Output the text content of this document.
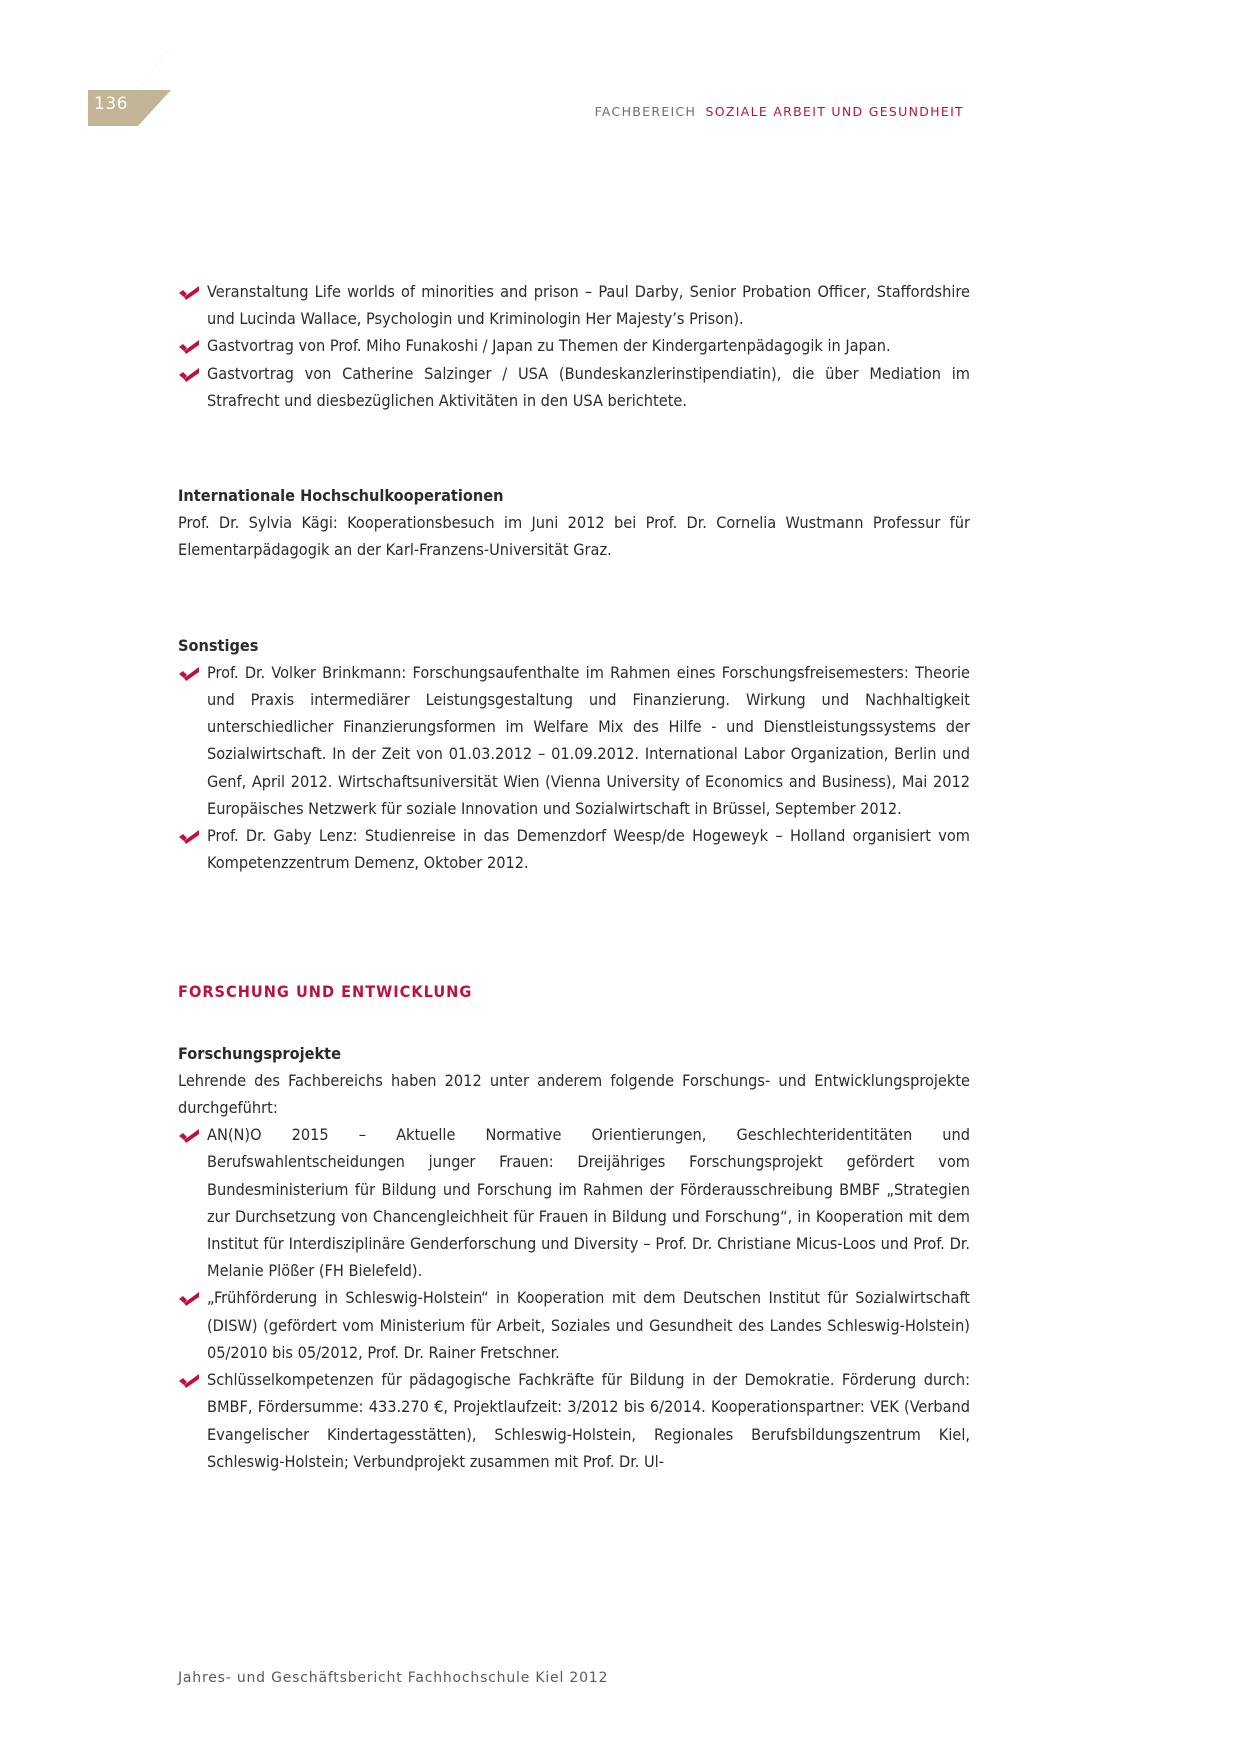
136	FACHBEREICH SOZIALE ARBEIT UND GESUNDHEIT
Veranstaltung Life worlds of minorities and prison – Paul Darby, Senior Probation Officer, Staffordshire und Lucinda Wallace, Psychologin und Kriminologin Her Majesty’s Prison).
Gastvortrag von Prof. Miho Funakoshi / Japan zu Themen der Kindergartenpädagogik in Japan.
Gastvortrag von Catherine Salzinger / USA (Bundeskanzlerinstipendiatin), die über Mediation im Strafrecht und diesbezüglichen Aktivitäten in den USA berichtete.

Internationale Hochschulkooperationen

Prof. Dr. Sylvia Kägi: Kooperationsbesuch im Juni 2012 bei Prof. Dr. Cornelia Wustmann Professur für Elementarpädagogik an der Karl-Franzens-Universität Graz.

Sonstiges

Prof. Dr. Volker Brinkmann: Forschungsaufenthalte im Rahmen eines Forschungsfreisemesters: Theorie und Praxis intermediärer Leistungsgestaltung und Finanzierung. Wirkung und Nachhaltigkeit unterschiedlicher Finanzierungsformen im Welfare Mix des Hilfe - und Dienstleistungssystems der Sozialwirtschaft. In der Zeit von 01.03.2012 – 01.09.2012. International Labor Organization, Berlin und Genf, April 2012. Wirtschaftsuniversität Wien (Vienna University of Economics and Business), Mai 2012 Europäisches Netzwerk für soziale Innovation und Sozialwirtschaft in Brüssel, September 2012.
Prof. Dr. Gaby Lenz: Studienreise in das Demenzdorf Weesp/de Hogeweyk – Holland organisiert vom Kompetenzzentrum Demenz, Oktober 2012.

FORSCHUNG UND ENTWICKLUNG

Forschungsprojekte

Lehrende des Fachbereichs haben 2012 unter anderem folgende Forschungs- und Entwicklungsprojekte durchgeführt:

AN(N)O 2015 – Aktuelle Normative Orientierungen, Geschlechteridentitäten und Berufswahlentscheidungen junger Frauen: Dreijähriges Forschungsprojekt gefördert vom Bundesministerium für Bildung und Forschung im Rahmen der Förderausschreibung BMBF „Strategien zur Durchsetzung von Chancengleichheit für Frauen in Bildung und Forschung“, in Kooperation mit dem Institut für Interdisziplinäre Genderforschung und Diversity – Prof. Dr. Christiane Micus-Loos und Prof. Dr. Melanie Plößer (FH Bielefeld).
„Frühförderung in Schleswig-Holstein“ in Kooperation mit dem Deutschen Institut für Sozialwirtschaft (DISW) (gefördert vom Ministerium für Arbeit, Soziales und Gesundheit des Landes Schleswig-Holstein) 05/2010 bis 05/2012, Prof. Dr. Rainer Fretschner.
Schlüsselkompetenzen für pädagogische Fachkräfte für Bildung in der Demokratie. Förderung durch: BMBF, Fördersumme: 433.270 €, Projektlaufzeit: 3/2012 bis 6/2014. Kooperationspartner: VEK (Verband Evangelischer Kindertagesstätten), Schleswig-Holstein, Regionales Berufsbildungszentrum Kiel, Schleswig-Holstein; Verbundprojekt zusammen mit Prof. Dr. Ul-
Jahres- und Geschäftsbericht Fachhochschule Kiel 2012
